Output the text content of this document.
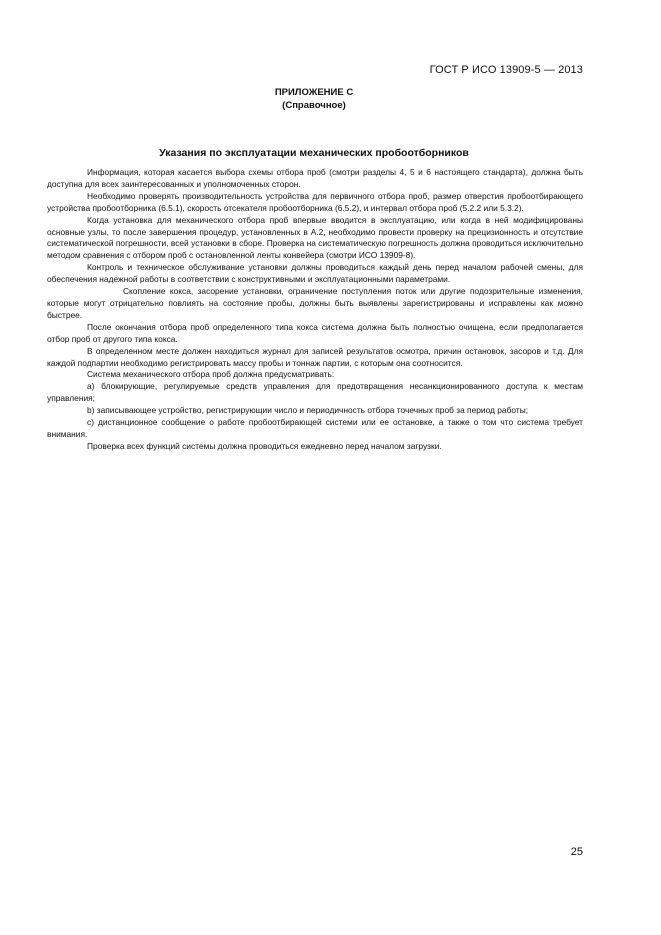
ГОСТ Р ИСО 13909-5 — 2013
ПРИЛОЖЕНИЕ С
(Справочное)
Указания по эксплуатации механических пробоотборников

Информация, которая касается выбора схемы отбора проб (смотри разделы 4, 5 и 6 настоящего стандарта), должна быть доступна для всех заинтересованных и уполномоченных сторон.

Необходимо проверять производительность устройства для первичного отбора проб, размер отверстия пробоотбирающего устройства пробоотборника (6.5.1), скорость отсекателя пробоотборника (6.5.2), и интервал отбора проб (5.2.2 или 5.3.2).

Когда установка для механического отбора проб впервые вводится в эксплуатацию, или когда в ней модифицированы основные узлы, то после завершения процедур, установленных в А.2, необходимо провести проверку на прецизионность и отсутствие систематической погрешности, всей установки в сборе. Проверка на систематическую погрешность должна проводиться исключительно методом сравнения с отбором проб с остановленной ленты конвейера (смотри ИСО 13909-8).

Контроль и техническое обслуживание установки должны проводиться каждый день перед началом рабочей смены, для обеспечения надежной работы в соответствии с конструктивными и эксплуатационными параметрами.

Скопление кокса, засорение установки, ограничение поступления поток или другие подозрительные изменения, которые могут отрицательно повлиять на состояние пробы, должны быть выявлены зарегистрированы и исправлены как можно быстрее.

После окончания отбора проб определенного типа кокса система должна быть полностью очищена, если предполагается отбор проб от другого типа кокса.

В определенном месте должен находиться журнал для записей результатов осмотра, причин остановок, засоров и т.д. Для каждой подпартии необходимо регистрировать массу пробы и тоннаж партии, с которым она соотносится.

Система механического отбора проб должна предусматривать:

а) блокирующие, регулируемые средств управления для предотвращения несанкционированного доступа к местам управления;

b) записывающее устройство, регистрирующии число и периодичность отбора точечных проб за период работы;

с) дистанционное сообщение о работе пробоотбирающей системи или ее остановке, а также о том что система требует внимания.

Проверка всех функций системы должна проводиться ежедневно перед началом загрузки.

25
